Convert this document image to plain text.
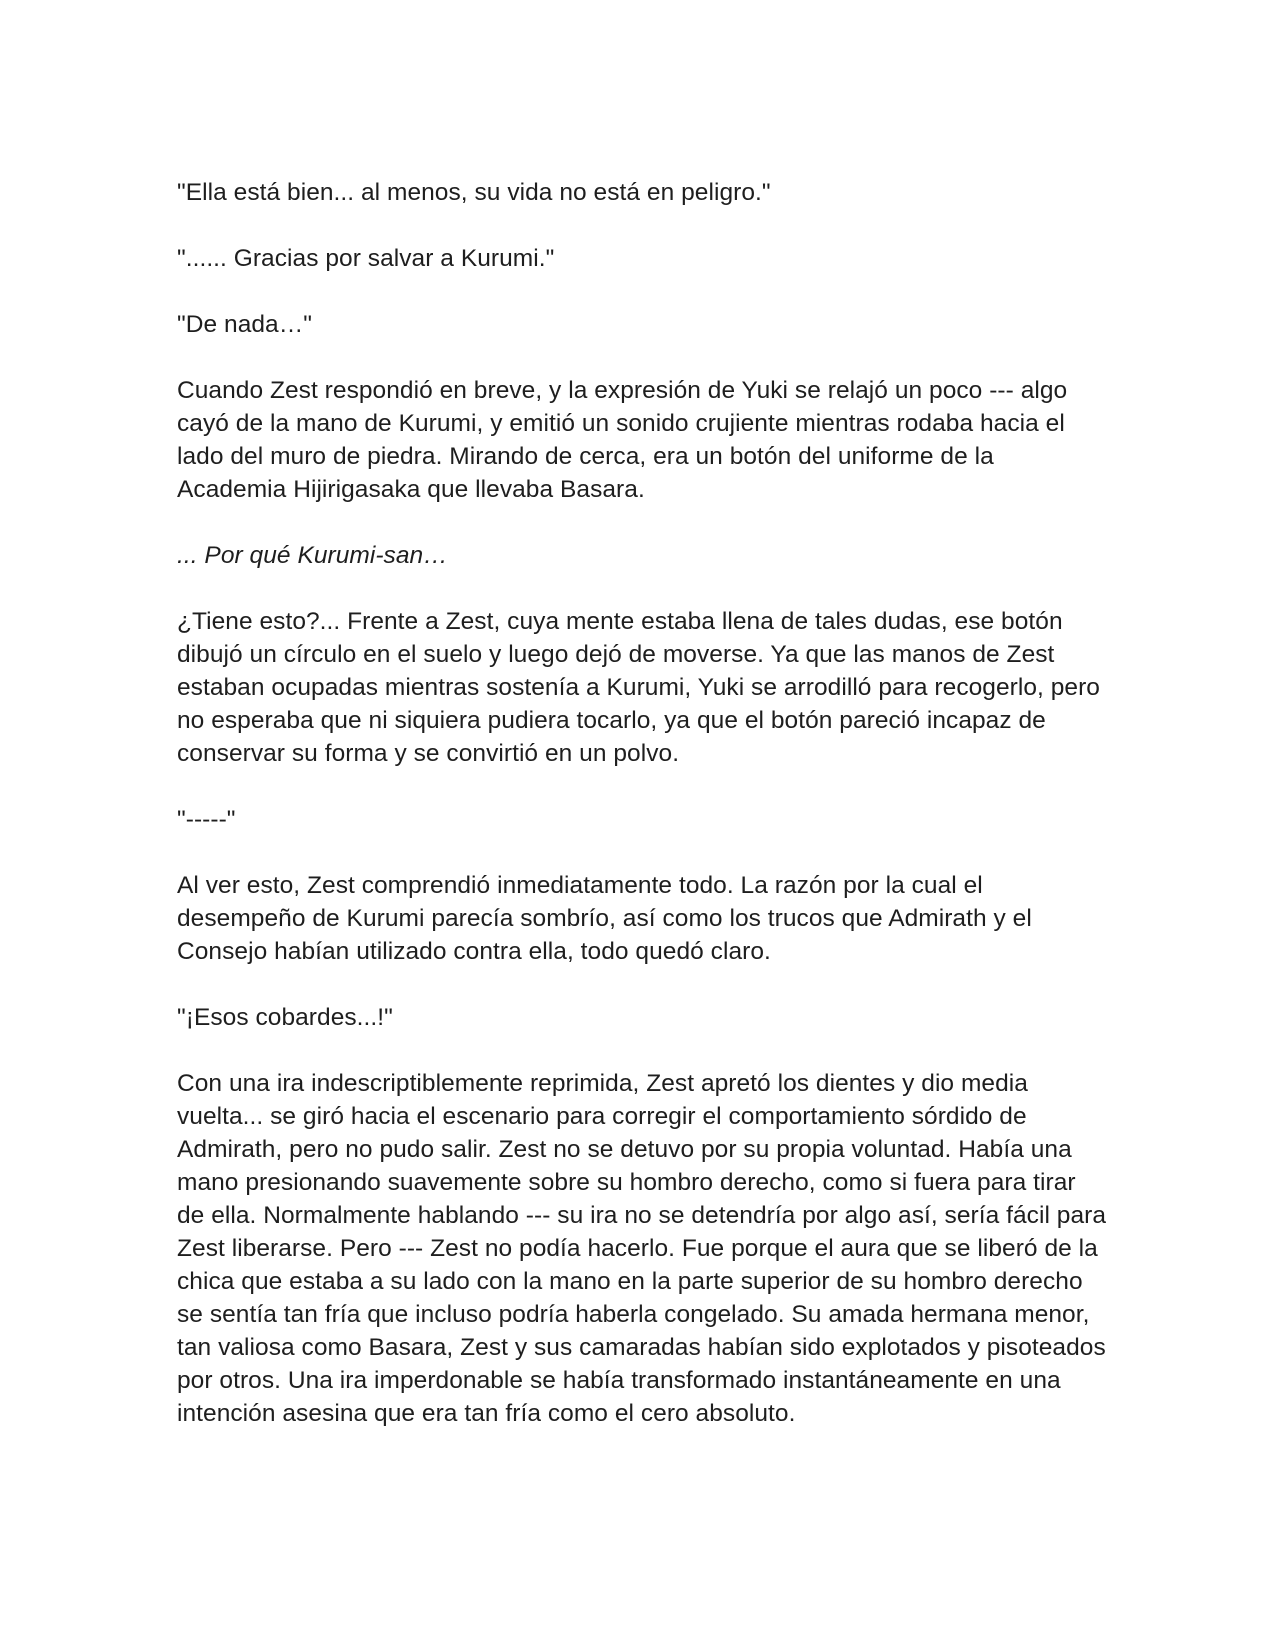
"Ella está bien... al menos, su vida no está en peligro."

"...... Gracias por salvar a Kurumi."

"De nada…"

Cuando Zest respondió en breve, y la expresión de Yuki se relajó un poco --- algo cayó de la mano de Kurumi, y emitió un sonido crujiente mientras rodaba hacia el lado del muro de piedra. Mirando de cerca, era un botón del uniforme de la Academia Hijirigasaka que llevaba Basara.

... Por qué Kurumi-san…

¿Tiene esto?... Frente a Zest, cuya mente estaba llena de tales dudas, ese botón dibujó un círculo en el suelo y luego dejó de moverse. Ya que las manos de Zest estaban ocupadas mientras sostenía a Kurumi, Yuki se arrodilló para recogerlo, pero no esperaba que ni siquiera pudiera tocarlo, ya que el botón pareció incapaz de conservar su forma y se convirtió en un polvo.

"-----"

Al ver esto, Zest comprendió inmediatamente todo. La razón por la cual el desempeño de Kurumi parecía sombrío, así como los trucos que Admirath y el Consejo habían utilizado contra ella, todo quedó claro.

"¡Esos cobardes...!"

Con una ira indescriptiblemente reprimida, Zest apretó los dientes y dio media vuelta... se giró hacia el escenario para corregir el comportamiento sórdido de Admirath, pero no pudo salir. Zest no se detuvo por su propia voluntad. Había una mano presionando suavemente sobre su hombro derecho, como si fuera para tirar de ella. Normalmente hablando --- su ira no se detendría por algo así, sería fácil para Zest liberarse. Pero --- Zest no podía hacerlo. Fue porque el aura que se liberó de la chica que estaba a su lado con la mano en la parte superior de su hombro derecho se sentía tan fría que incluso podría haberla congelado. Su amada hermana menor, tan valiosa como Basara, Zest y sus camaradas habían sido explotados y pisoteados por otros. Una ira imperdonable se había transformado instantáneamente en una intención asesina que era tan fría como el cero absoluto.
